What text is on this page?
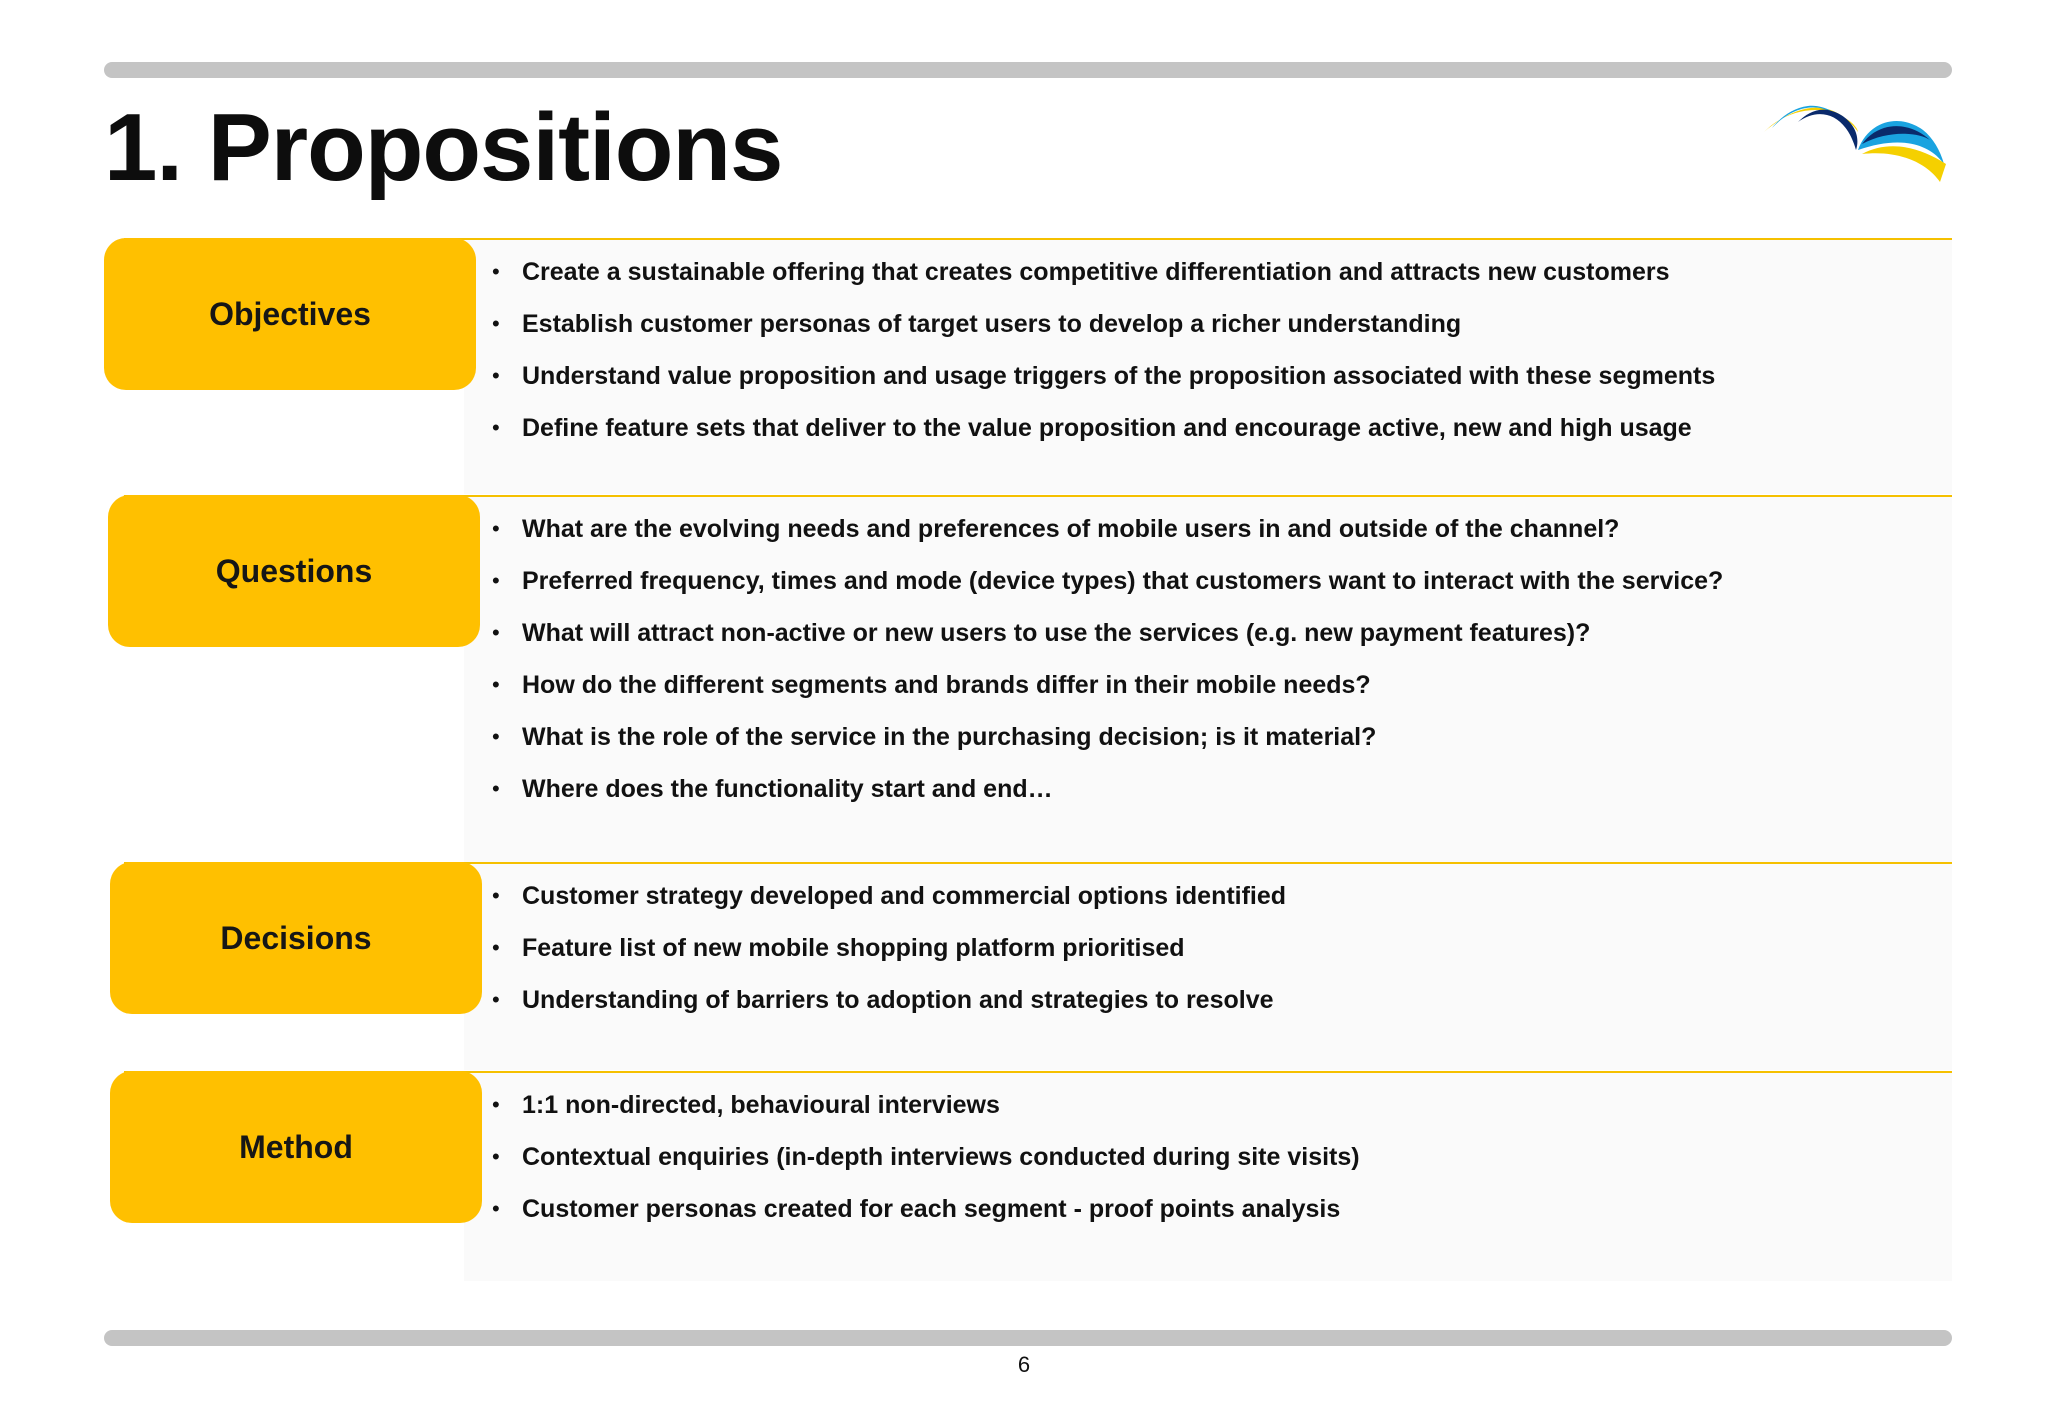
1. Propositions
Objectives
• Create a sustainable offering that creates competitive differentiation and attracts new customers
• Establish customer personas of target users to develop a richer understanding
• Understand value proposition and usage triggers of the proposition associated with these segments
• Define feature sets that deliver to the value proposition and encourage active, new and high usage
Questions
• What are the evolving needs and preferences of mobile users in and outside of the channel?
• Preferred frequency, times and mode (device types) that customers want to interact with the service?
• What will attract non-active or new users to use the services (e.g. new payment features)?
• How do the different segments and brands differ in their mobile needs?
• What is the role of the service in the purchasing decision; is it material?
• Where does the functionality start and end…
Decisions
• Customer strategy developed and commercial options identified
• Feature list of new mobile shopping platform prioritised
• Understanding of barriers to adoption and strategies to resolve
Method
• 1:1 non-directed, behavioural interviews
• Contextual enquiries (in-depth interviews conducted during site visits)
• Customer personas created for each segment - proof points analysis
6
